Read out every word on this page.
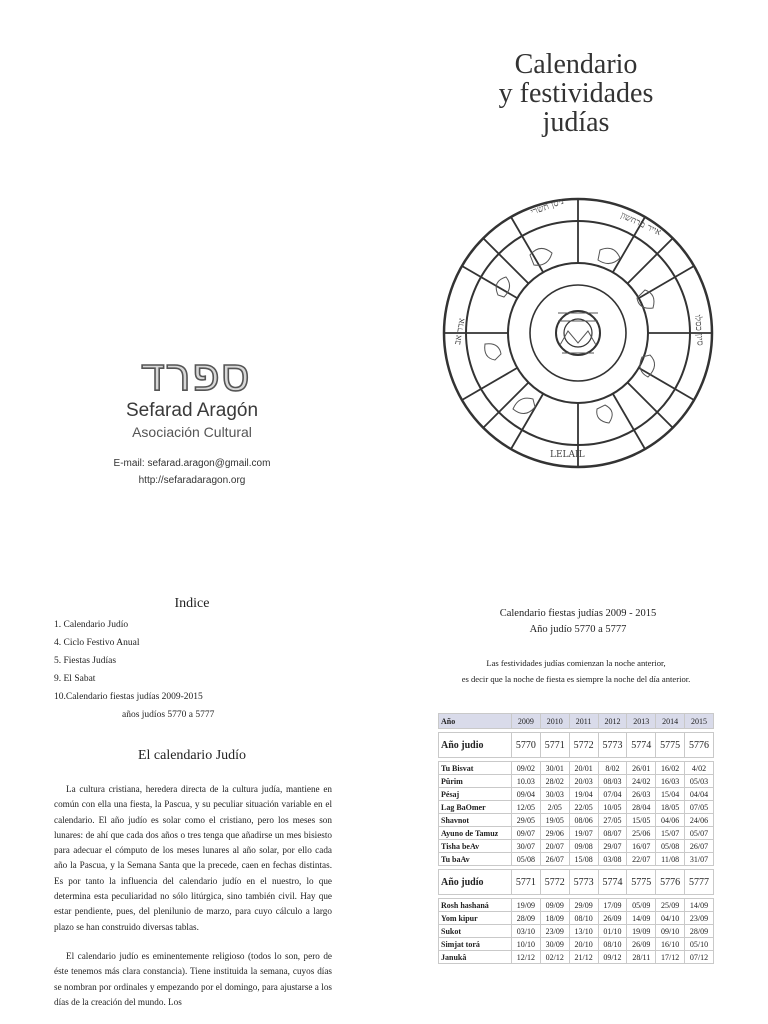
Calendario
y festividades
judías
ספרד
Sefarad Aragón
Asociación Cultural
E-mail: sefarad.aragon@gmail.com
http://sefaradaragon.org
ניסן תשרי
אייר מרחשון
אדר אב	סיון כסלו
LELAIL
Indice
1. Calendario Judío
4. Ciclo Festivo Anual
5. Fiestas Judías
9. El Sabat
10.Calendario fiestas judías 2009-2015
años judíos 5770 a 5777
El calendario Judío

La cultura cristiana, heredera directa de la cultura judía, mantiene en común con ella una fiesta, la Pascua, y su peculiar situación variable en el calendario. El año judío es solar como el cristiano, pero los meses son lunares: de ahí que cada dos años o tres tenga que añadirse un mes bisiesto para adecuar el cómputo de los meses lunares al año solar, por ello cada año la Pascua, y la Semana Santa que la precede, caen en fechas distintas. Es por tanto la influencia del calendario judío en el nuestro, lo que determina esta peculiaridad no sólo litúrgica, sino también civil. Hay que estar pendiente, pues, del plenilunio de marzo, para cuyo cálculo a largo plazo se han construido diversas tablas.

El calendario judío es eminentemente religioso (todos lo son, pero de éste tenemos más clara constancia). Tiene instituida la semana, cuyos días se nombran por ordinales y empezando por el domingo, para ajustarse a los días de la creación del mundo. Los

Calendario fiestas judías 2009 - 2015
Año judío 5770 a 5777
Las festividades judías comienzan la noche anterior,
es decir que la noche de fiesta es siempre la noche del día anterior.
Año	2009	2010	2011	2012	2013	2014	2015

Año judio	5770	5771	5772	5773	5774	5775	5776

Tu Bisvat	09/02	30/01	20/01	8/02	26/01	16/02	4/02
Pûrim	10.03	28/02	20/03	08/03	24/02	16/03	05/03
Pésaj	09/04	30/03	19/04	07/04	26/03	15/04	04/04
Lag BaOmer	12/05	2/05	22/05	10/05	28/04	18/05	07/05
Shavnot	29/05	19/05	08/06	27/05	15/05	04/06	24/06
Ayuno de Tamuz	09/07	29/06	19/07	08/07	25/06	15/07	05/07
Tisha beAv	30/07	20/07	09/08	29/07	16/07	05/08	26/07
Tu baAv	05/08	26/07	15/08	03/08	22/07	11/08	31/07

Año judío	5771	5772	5773	5774	5775	5776	5777

Rosh hashaná	19/09	09/09	29/09	17/09	05/09	25/09	14/09
Yom kipur	28/09	18/09	08/10	26/09	14/09	04/10	23/09
Sukot	03/10	23/09	13/10	01/10	19/09	09/10	28/09
Simjat torá	10/10	30/09	20/10	08/10	26/09	16/10	05/10
Janukâ	12/12	02/12	21/12	09/12	28/11	17/12	07/12
